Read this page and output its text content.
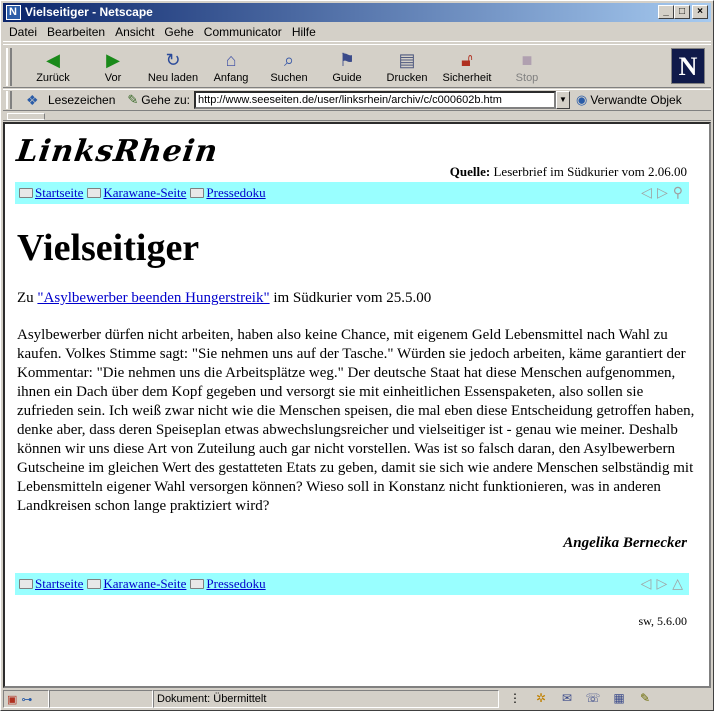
N
Vielseitiger - Netscape	_	□	×
Datei Bearbeiten Ansicht Gehe Communicator Hilfe
◀
Zurück
▶
Vor
↻
Neu laden
⌂
Anfang
⌕
Suchen
⚑
Guide
▤
Drucken
🔓︎
Sicherheit
■
Stop	N
❖ Lesezeichen ✎ Gehe zu: http://www.seeseiten.de/user/linksrhein/archiv/c/c000602b.htm	▼ ◉ Verwandte Objek
LinksRhein
Quelle: Leserbrief im Südkurier vom 2.06.00
Startseite Karawane-Seite Pressedoku	◁ ▷ ⚲
Vielseitiger
Zu "Asylbewerber beenden Hungerstreik" im Südkurier vom 25.5.00
Asylbewerber dürfen nicht arbeiten, haben also keine Chance, mit eigenem Geld Lebensmittel nach Wahl zu kaufen. Volkes Stimme sagt: "Sie nehmen uns auf der Tasche." Würden sie jedoch arbeiten, käme garantiert der Kommentar: "Die nehmen uns die Arbeitsplätze weg." Der deutsche Staat hat diese Menschen aufgenommen, ihnen ein Dach über dem Kopf gegeben und versorgt sie mit einheitlichen Essenspaketen, also sollen sie zufrieden sein. Ich weiß zwar nicht wie die Menschen speisen, die mal eben diese Entscheidung getroffen haben, denke aber, dass deren Speiseplan etwas abwechslungsreicher und vielseitiger ist - genau wie meiner. Deshalb können wir uns diese Art von Zuteilung auch gar nicht vorstellen. Was ist so falsch daran, den Asylbewerbern Gutscheine im gleichen Wert des gestatteten Etats zu geben, damit sie sich wie andere Menschen selbständig mit Lebensmitteln eigener Wahl versorgen können? Wieso soll in Konstanz nicht funktionieren, was in anderen Landkreisen schon lange praktiziert wird?
Angelika Bernecker
Startseite Karawane-Seite Pressedoku	◁ ▷ △
sw, 5.6.00
▣ ⊶	Dokument: Übermittelt	⋮	✲	✉	☏	▦	✎
